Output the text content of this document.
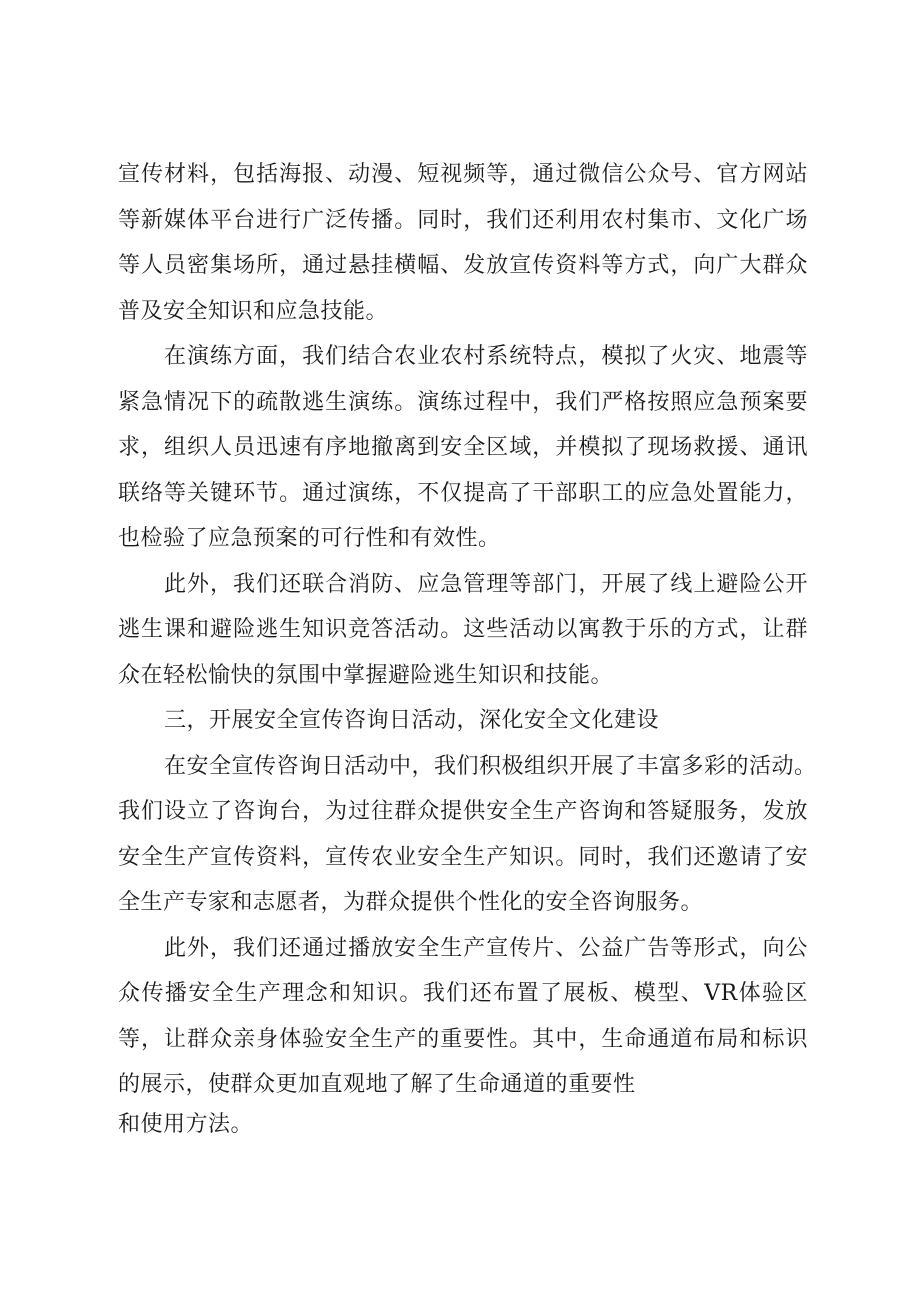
宣传材料，包括海报、动漫、短视频等，通过微信公众号、官方网站
等新媒体平台进行广泛传播。同时，我们还利用农村集市、文化广场
等人员密集场所，通过悬挂横幅、发放宣传资料等方式，向广大群众
普及安全知识和应急技能。
在演练方面，我们结合农业农村系统特点，模拟了火灾、地震等
紧急情况下的疏散逃生演练。演练过程中，我们严格按照应急预案要
求，组织人员迅速有序地撤离到安全区域，并模拟了现场救援、通讯
联络等关键环节。通过演练，不仅提高了干部职工的应急处置能力，
也检验了应急预案的可行性和有效性。
此外，我们还联合消防、应急管理等部门，开展了线上避险公开
逃生课和避险逃生知识竞答活动。这些活动以寓教于乐的方式，让群
众在轻松愉快的氛围中掌握避险逃生知识和技能。
三，开展安全宣传咨询日活动，深化安全文化建设
在安全宣传咨询日活动中，我们积极组织开展了丰富多彩的活动。
我们设立了咨询台，为过往群众提供安全生产咨询和答疑服务，发放
安全生产宣传资料，宣传农业安全生产知识。同时，我们还邀请了安
全生产专家和志愿者，为群众提供个性化的安全咨询服务。
此外，我们还通过播放安全生产宣传片、公益广告等形式，向公
众传播安全生产理念和知识。我们还布置了展板、模型、VR体验区
等，让群众亲身体验安全生产的重要性。其中，生命通道布局和标识
的展示，使群众更加直观地了解了生命通道的重要性
和使用方法。
